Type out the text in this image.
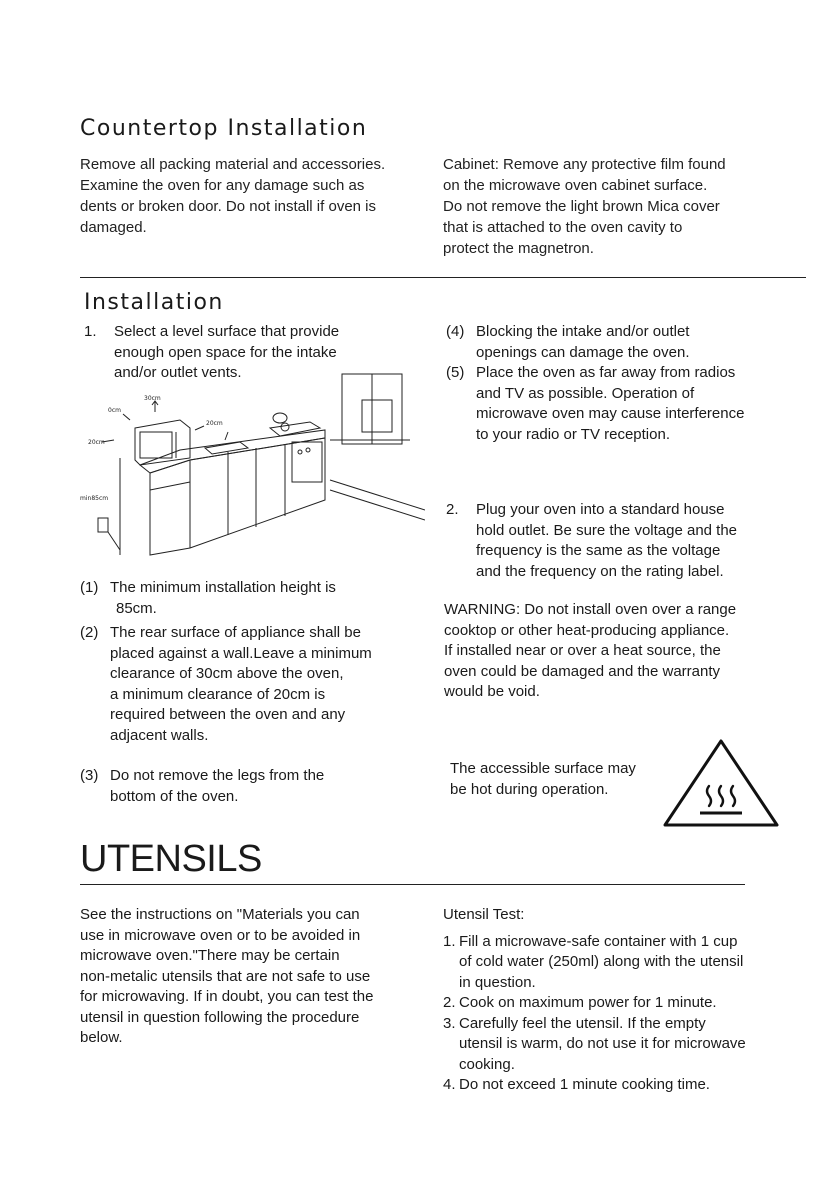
Countertop Installation

Remove all packing material and accessories.

Examine the oven for any damage such as

dents or broken door. Do not install if oven is

damaged.

Cabinet: Remove any protective film found

on the microwave oven cabinet surface.

Do not remove the light brown Mica cover

that is attached to the oven cavity to

protect the magnetron.

Installation

1. Select a level surface that provide

enough open space for the intake

and/or outlet vents.

30cm
0cm
20cm
20cm
min85cm

(1) The minimum installation height is

85cm.

(2) The rear surface of appliance shall be

placed against a wall.Leave a minimum

clearance of 30cm above the oven,

a minimum clearance of 20cm is

required between the oven and any

adjacent walls.

(3) Do not remove the legs from the

bottom of the oven.

(4) Blocking the intake and/or outlet

openings can damage the oven.

(5) Place the oven as far away from radios

and TV as possible. Operation of

microwave oven may cause interference

to your radio or TV reception.

2. Plug your oven into a standard house

hold outlet. Be sure the voltage and the

frequency is the same as the voltage

and the frequency on the rating label.

WARNING: Do not install oven over a range

cooktop or other heat-producing appliance.

If installed near or over a heat source, the

oven could be damaged and the warranty

would be void.

The accessible surface may

be hot during operation.

UTENSILS

See the instructions on "Materials you can

use in microwave oven or to be avoided in

microwave oven."There may be certain

non-metalic utensils that are not safe to use

for microwaving. If in doubt, you can test the

utensil in question following the procedure

below.

Utensil Test:

1. Fill a microwave-safe container with 1 cup

of cold water (250ml) along with the utensil

in question.

2. Cook on maximum power for 1 minute.

3. Carefully feel the utensil. If the empty

utensil is warm, do not use it for microwave

cooking.

4. Do not exceed 1 minute cooking time.
